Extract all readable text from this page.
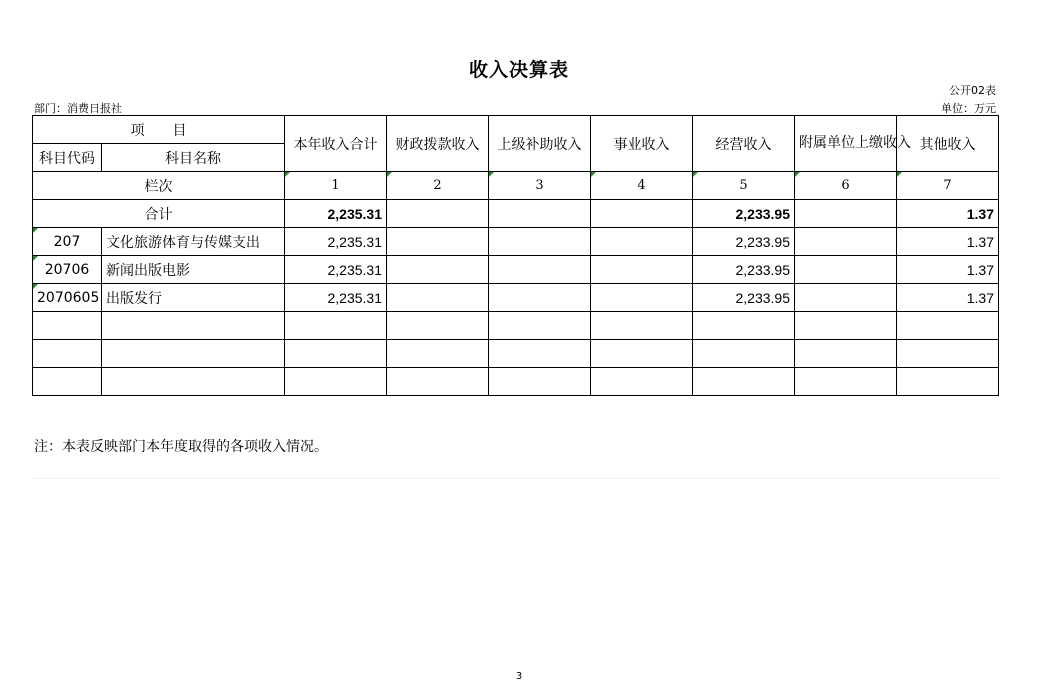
收入决算表
公开02表
部门：消费日报社	单位：万元
项　　目		本年收入合计	财政拨款收入	上级补助收入	事业收入	经营收入	附属单位上缴收入	其他收入
科目代码	科目名称							
栏次		1	2	3	4	5	6	7
合计		2,235.31				2,233.95		1.37
207	文化旅游体育与传媒支出	2,235.31				2,233.95		1.37
20706	新闻出版电影	2,235.31				2,233.95		1.37
2070605	出版发行	2,235.31				2,233.95		1.37

注：本表反映部门本年度取得的各项收入情况。
3
